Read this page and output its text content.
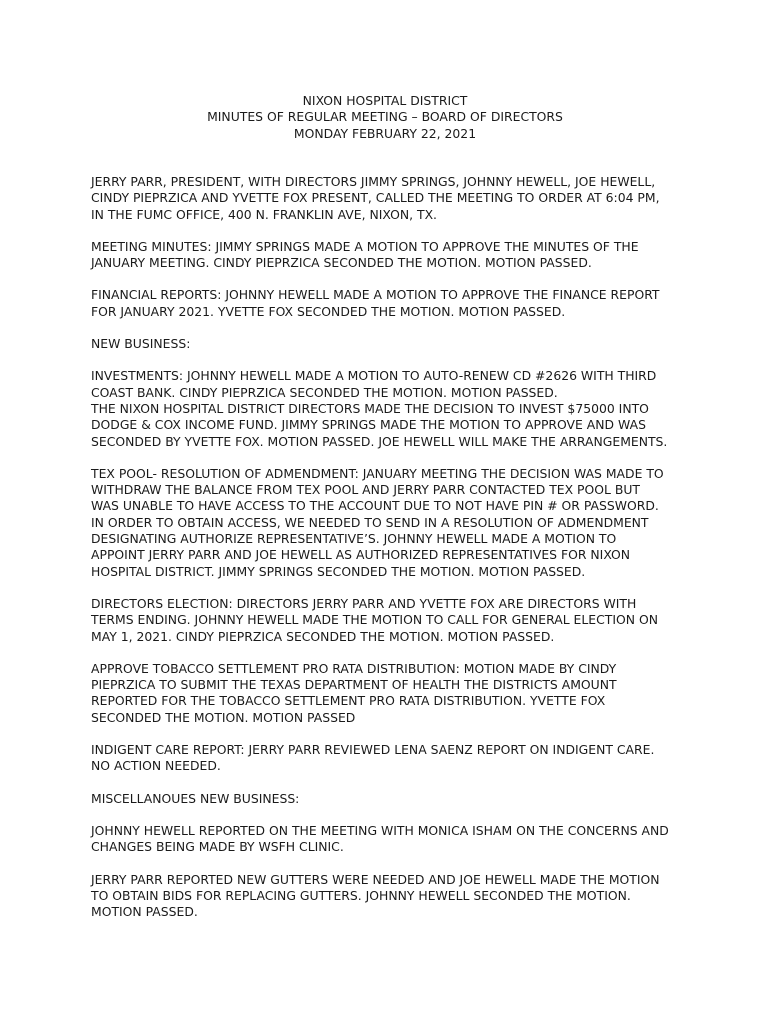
NIXON HOSPITAL DISTRICT
MINUTES OF REGULAR MEETING – BOARD OF DIRECTORS
MONDAY FEBRUARY 22, 2021
JERRY PARR, PRESIDENT, WITH DIRECTORS JIMMY SPRINGS, JOHNNY HEWELL, JOE HEWELL,
CINDY PIEPRZICA AND YVETTE FOX PRESENT, CALLED THE MEETING TO ORDER AT 6:04 PM,
IN THE FUMC OFFICE, 400 N. FRANKLIN AVE, NIXON, TX.
MEETING MINUTES: JIMMY SPRINGS MADE A MOTION TO APPROVE THE MINUTES OF THE
JANUARY MEETING. CINDY PIEPRZICA SECONDED THE MOTION. MOTION PASSED.
FINANCIAL REPORTS: JOHNNY HEWELL MADE A MOTION TO APPROVE THE FINANCE REPORT
FOR JANUARY 2021. YVETTE FOX SECONDED THE MOTION. MOTION PASSED.
NEW BUSINESS:
INVESTMENTS: JOHNNY HEWELL MADE A MOTION TO AUTO-RENEW CD #2626 WITH THIRD
COAST BANK. CINDY PIEPRZICA SECONDED THE MOTION. MOTION PASSED.
THE NIXON HOSPITAL DISTRICT DIRECTORS MADE THE DECISION TO INVEST $75000 INTO
DODGE & COX INCOME FUND. JIMMY SPRINGS MADE THE MOTION TO APPROVE AND WAS
SECONDED BY YVETTE FOX. MOTION PASSED. JOE HEWELL WILL MAKE THE ARRANGEMENTS.
TEX POOL- RESOLUTION OF ADMENDMENT: JANUARY MEETING THE DECISION WAS MADE TO
WITHDRAW THE BALANCE FROM TEX POOL AND JERRY PARR CONTACTED TEX POOL BUT
WAS UNABLE TO HAVE ACCESS TO THE ACCOUNT DUE TO NOT HAVE PIN # OR PASSWORD.
IN ORDER TO OBTAIN ACCESS, WE NEEDED TO SEND IN A RESOLUTION OF ADMENDMENT
DESIGNATING AUTHORIZE REPRESENTATIVE’S. JOHNNY HEWELL MADE A MOTION TO
APPOINT JERRY PARR AND JOE HEWELL AS AUTHORIZED REPRESENTATIVES FOR NIXON
HOSPITAL DISTRICT. JIMMY SPRINGS SECONDED THE MOTION. MOTION PASSED.
DIRECTORS ELECTION: DIRECTORS JERRY PARR AND YVETTE FOX ARE DIRECTORS WITH
TERMS ENDING. JOHNNY HEWELL MADE THE MOTION TO CALL FOR GENERAL ELECTION ON
MAY 1, 2021. CINDY PIEPRZICA SECONDED THE MOTION. MOTION PASSED.
APPROVE TOBACCO SETTLEMENT PRO RATA DISTRIBUTION: MOTION MADE BY CINDY
PIEPRZICA TO SUBMIT THE TEXAS DEPARTMENT OF HEALTH THE DISTRICTS AMOUNT
REPORTED FOR THE TOBACCO SETTLEMENT PRO RATA DISTRIBUTION. YVETTE FOX
SECONDED THE MOTION. MOTION PASSED
INDIGENT CARE REPORT: JERRY PARR REVIEWED LENA SAENZ REPORT ON INDIGENT CARE.
NO ACTION NEEDED.
MISCELLANOUES NEW BUSINESS:
JOHNNY HEWELL REPORTED ON THE MEETING WITH MONICA ISHAM ON THE CONCERNS AND
CHANGES BEING MADE BY WSFH CLINIC.
JERRY PARR REPORTED NEW GUTTERS WERE NEEDED AND JOE HEWELL MADE THE MOTION
TO OBTAIN BIDS FOR REPLACING GUTTERS. JOHNNY HEWELL SECONDED THE MOTION.
MOTION PASSED.
